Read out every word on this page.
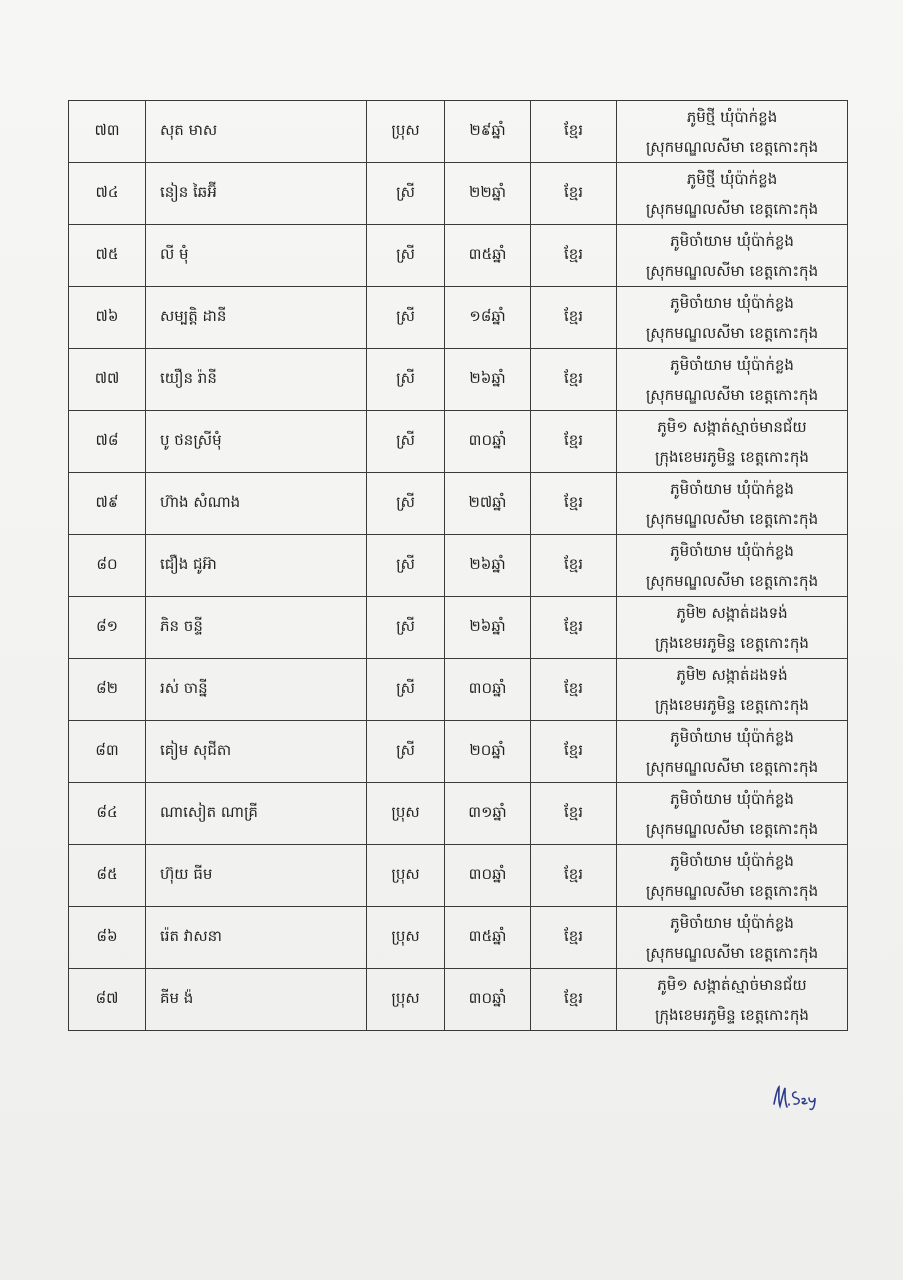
៧៣	សុត មាស	ប្រុស	២៩ឆ្នាំ	ខ្មែរ	ភូមិថ្មី ឃុំប៉ាក់ខ្លង
ស្រុកមណ្ឌលសីមា ខេត្តកោះកុង

៧៤	នៀន ឆៃអ៊ី	ស្រី	២២ឆ្នាំ	ខ្មែរ	ភូមិថ្មី ឃុំប៉ាក់ខ្លង
ស្រុកមណ្ឌលសីមា ខេត្តកោះកុង

៧៥	លី មុំ	ស្រី	៣៥ឆ្នាំ	ខ្មែរ	ភូមិចាំយាម ឃុំប៉ាក់ខ្លង
ស្រុកមណ្ឌលសីមា ខេត្តកោះកុង

៧៦	សម្បត្តិ ដានី	ស្រី	១៨ឆ្នាំ	ខ្មែរ	ភូមិចាំយាម ឃុំប៉ាក់ខ្លង
ស្រុកមណ្ឌលសីមា ខេត្តកោះកុង

៧៧	យឿន រ៉ានី	ស្រី	២៦ឆ្នាំ	ខ្មែរ	ភូមិចាំយាម ឃុំប៉ាក់ខ្លង
ស្រុកមណ្ឌលសីមា ខេត្តកោះកុង

៧៨	បូ ថនស្រីមុំ	ស្រី	៣០ឆ្នាំ	ខ្មែរ	ភូមិ១ សង្កាត់ស្មាច់មានជ័យ
ក្រុងខេមរភូមិន្ទ ខេត្តកោះកុង

៧៩	ហ៊ាង សំណាង	ស្រី	២៧ឆ្នាំ	ខ្មែរ	ភូមិចាំយាម ឃុំប៉ាក់ខ្លង
ស្រុកមណ្ឌលសីមា ខេត្តកោះកុង

៨០	ជឿង ជូអ៊ា	ស្រី	២៦ឆ្នាំ	ខ្មែរ	ភូមិចាំយាម ឃុំប៉ាក់ខ្លង
ស្រុកមណ្ឌលសីមា ខេត្តកោះកុង

៨១	ភិន ចន្ទី	ស្រី	២៦ឆ្នាំ	ខ្មែរ	ភូមិ២ សង្កាត់ដងទង់
ក្រុងខេមរភូមិន្ទ ខេត្តកោះកុង

៨២	រស់ ចាន្នី	ស្រី	៣០ឆ្នាំ	ខ្មែរ	ភូមិ២ សង្កាត់ដងទង់
ក្រុងខេមរភូមិន្ទ ខេត្តកោះកុង

៨៣	គៀម សុជីតា	ស្រី	២០ឆ្នាំ	ខ្មែរ	ភូមិចាំយាម ឃុំប៉ាក់ខ្លង
ស្រុកមណ្ឌលសីមា ខេត្តកោះកុង

៨៤	ណាសៀត ណាគ្រី	ប្រុស	៣១ឆ្នាំ	ខ្មែរ	ភូមិចាំយាម ឃុំប៉ាក់ខ្លង
ស្រុកមណ្ឌលសីមា ខេត្តកោះកុង

៨៥	ហ៊ុយ ធីម	ប្រុស	៣០ឆ្នាំ	ខ្មែរ	ភូមិចាំយាម ឃុំប៉ាក់ខ្លង
ស្រុកមណ្ឌលសីមា ខេត្តកោះកុង

៨៦	រ៉េត វាសនា	ប្រុស	៣៥ឆ្នាំ	ខ្មែរ	ភូមិចាំយាម ឃុំប៉ាក់ខ្លង
ស្រុកមណ្ឌលសីមា ខេត្តកោះកុង

៨៧	គីម ង៉	ប្រុស	៣០ឆ្នាំ	ខ្មែរ	ភូមិ១ សង្កាត់ស្មាច់មានជ័យ
ក្រុងខេមរភូមិន្ទ ខេត្តកោះកុង
